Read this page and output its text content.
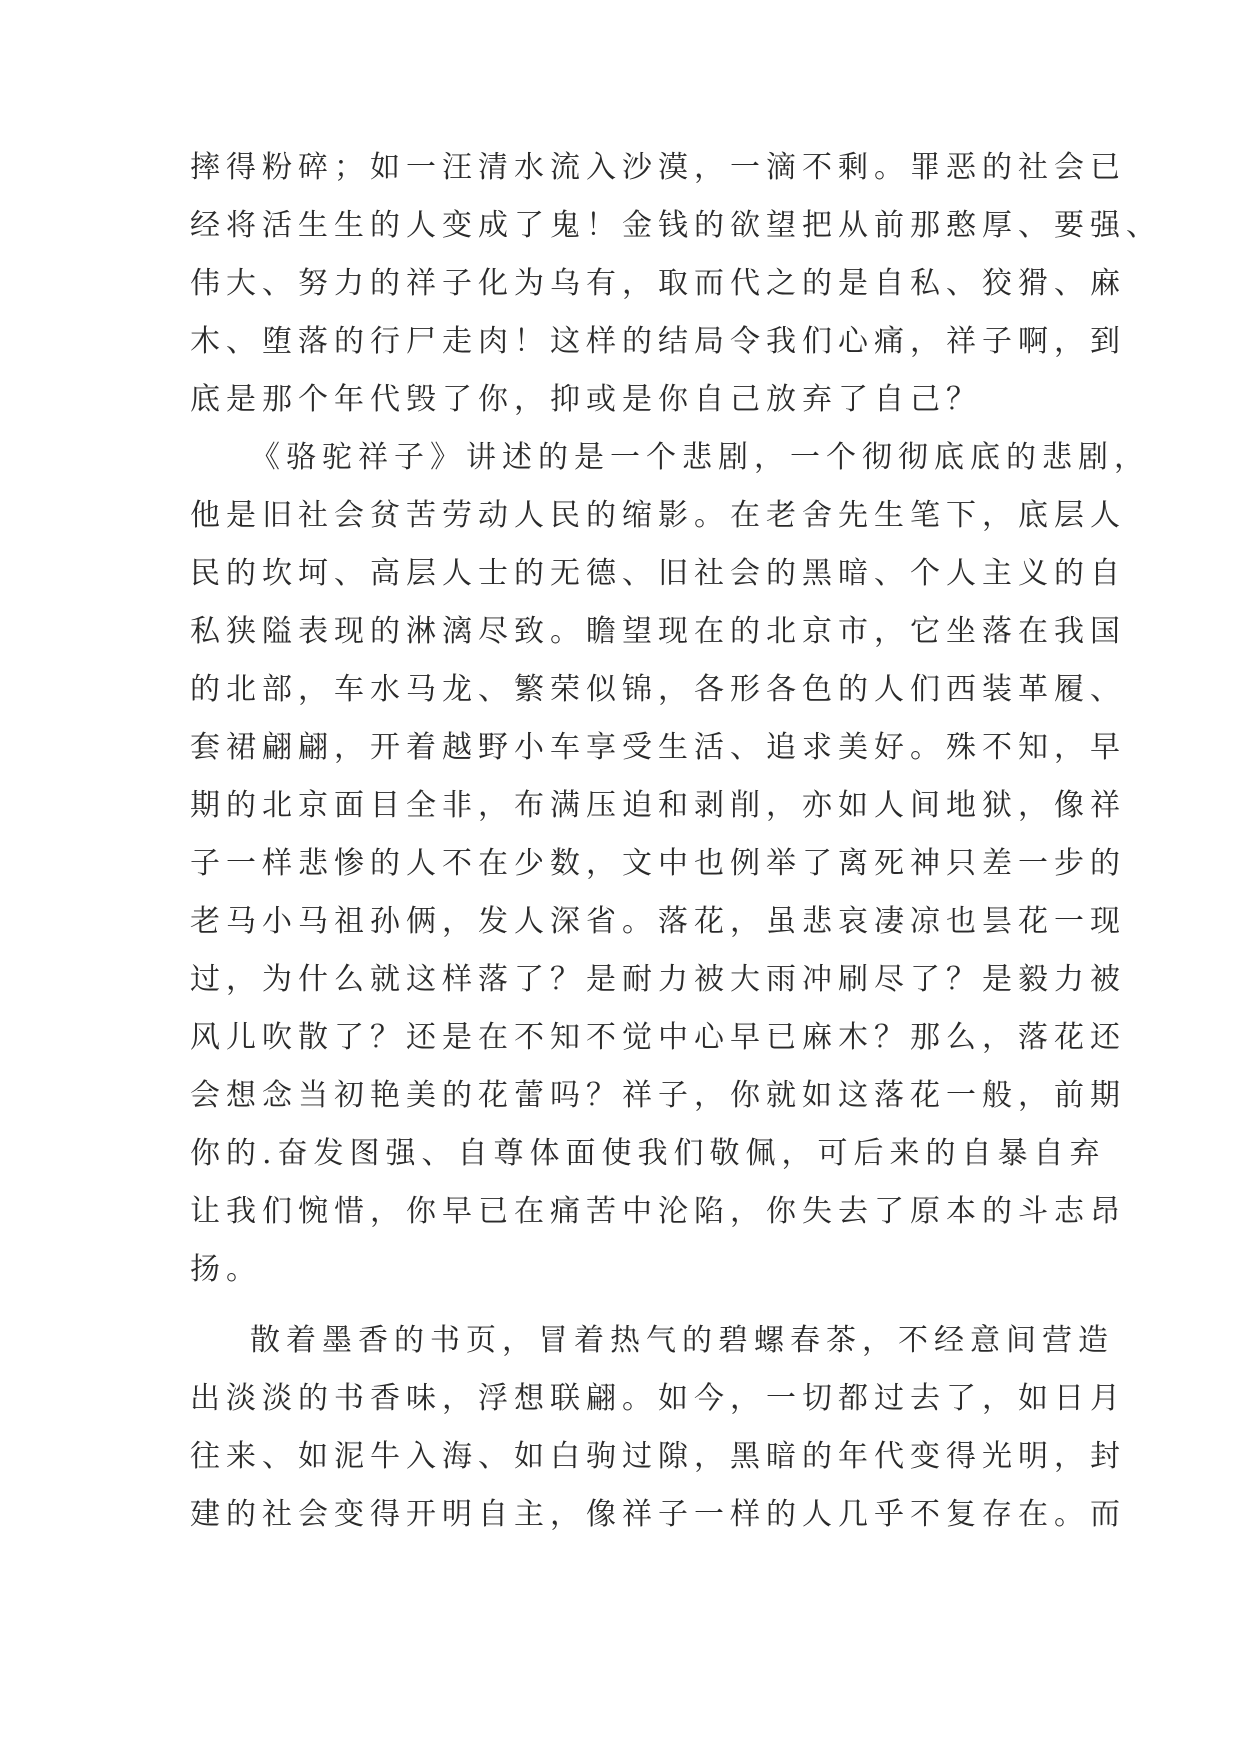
摔得粉碎；如一汪清水流入沙漠，一滴不剩。罪恶的社会已
经将活生生的人变成了鬼！金钱的欲望把从前那憨厚、要强、
伟大、努力的祥子化为乌有，取而代之的是自私、狡猾、麻
木、堕落的行尸走肉！这样的结局令我们心痛，祥子啊，到
底是那个年代毁了你，抑或是你自己放弃了自己？
《骆驼祥子》讲述的是一个悲剧，一个彻彻底底的悲剧，
他是旧社会贫苦劳动人民的缩影。在老舍先生笔下，底层人
民的坎坷、高层人士的无德、旧社会的黑暗、个人主义的自
私狭隘表现的淋漓尽致。瞻望现在的北京市，它坐落在我国
的北部，车水马龙、繁荣似锦，各形各色的人们西装革履、
套裙翩翩，开着越野小车享受生活、追求美好。殊不知，早
期的北京面目全非，布满压迫和剥削，亦如人间地狱，像祥
子一样悲惨的人不在少数，文中也例举了离死神只差一步的
老马小马祖孙俩，发人深省。落花，虽悲哀凄凉也昙花一现
过，为什么就这样落了？是耐力被大雨冲刷尽了？是毅力被
风儿吹散了？还是在不知不觉中心早已麻木？那么，落花还
会想念当初艳美的花蕾吗？祥子，你就如这落花一般，前期
你的.奋发图强、自尊体面使我们敬佩，可后来的自暴自弃
让我们惋惜，你早已在痛苦中沦陷，你失去了原本的斗志昂
扬。
散着墨香的书页，冒着热气的碧螺春茶，不经意间营造
出淡淡的书香味，浮想联翩。如今，一切都过去了，如日月
往来、如泥牛入海、如白驹过隙，黑暗的年代变得光明，封
建的社会变得开明自主，像祥子一样的人几乎不复存在。而
